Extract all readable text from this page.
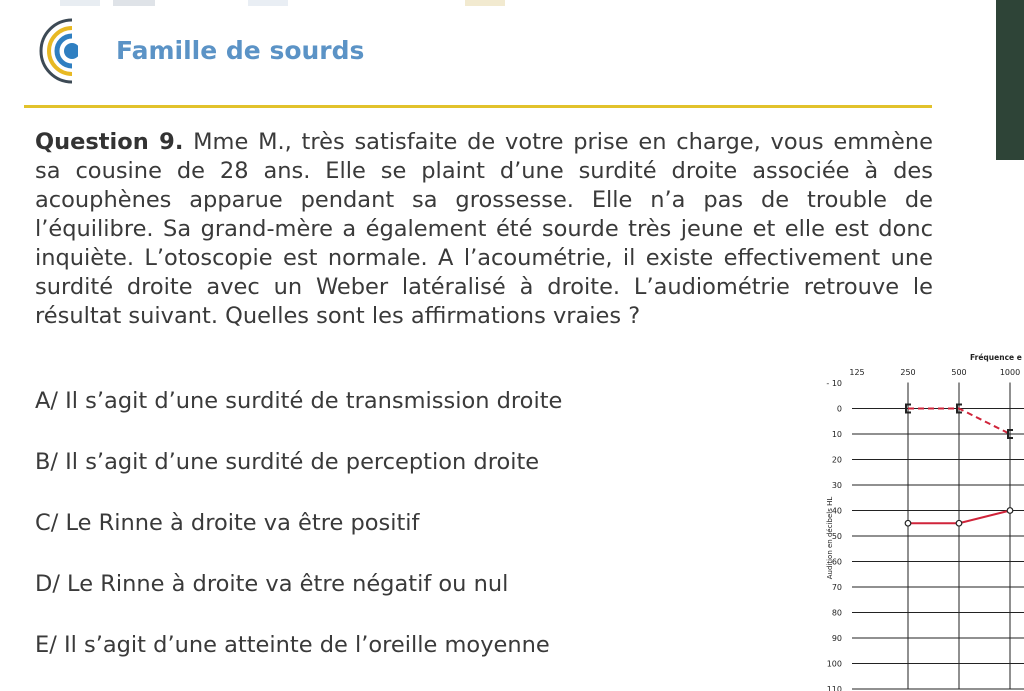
Famille de sourds
Question 9. Mme M., très satisfaite de votre prise en charge, vous emmène sa cousine de 28 ans. Elle se plaint d’une surdité droite associée à des acouphènes apparue pendant sa grossesse. Elle n’a pas de trouble de l’équilibre. Sa grand-mère a également été sourde très jeune et elle est donc inquiète. L’otoscopie est normale. A l’acoumétrie, il existe effectivement une surdité droite avec un Weber latéralisé à droite. L’audiométrie retrouve le résultat suivant. Quelles sont les affirmations vraies ?
A/ Il s’agit d’une surdité de transmission droite
B/ Il s’agit d’une surdité de perception droite
C/ Le Rinne à droite va être positif
D/ Le Rinne à droite va être négatif ou nul
E/ Il s’agit d’une atteinte de l’oreille moyenne
- 10
0
10
20
30
40
50
60
70
80
90
100
110
125	250	500	1000
Fréquence e
Audition en décibels HL
